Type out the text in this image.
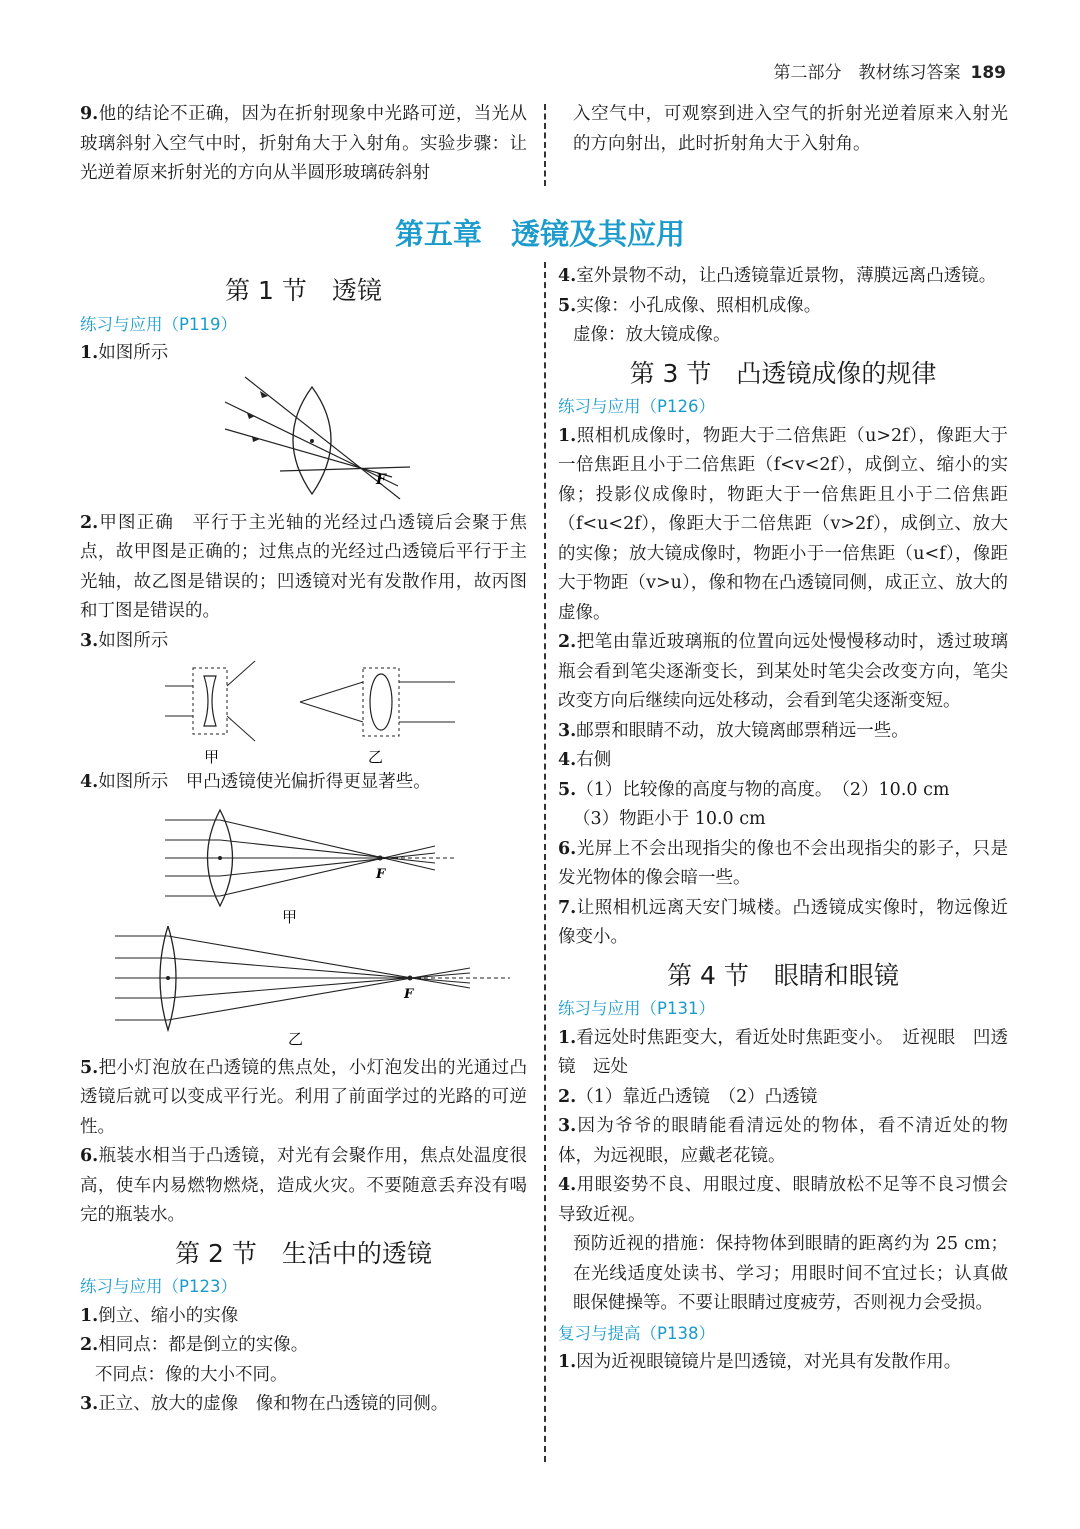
第二部分　教材练习答案 189

9.他的结论不正确，因为在折射现象中光路可逆，当光从玻璃斜射入空气中时，折射角大于入射角。实验步骤：让光逆着原来折射光的方向从半圆形玻璃砖斜射

入空气中，可观察到进入空气的折射光逆着原来入射光的方向射出，此时折射角大于入射角。

第五章　透镜及其应用
第 1 节　透镜
练习与应用（P119）

1.如图所示

F

2.甲图正确　平行于主光轴的光经过凸透镜后会聚于焦点，故甲图是正确的；过焦点的光经过凸透镜后平行于主光轴，故乙图是错误的；凹透镜对光有发散作用，故丙图和丁图是错误的。

3.如图所示

甲	乙

4.如图所示　甲凸透镜使光偏折得更显著些。

F
甲
F
乙

5.把小灯泡放在凸透镜的焦点处，小灯泡发出的光通过凸透镜后就可以变成平行光。利用了前面学过的光路的可逆性。

6.瓶装水相当于凸透镜，对光有会聚作用，焦点处温度很高，使车内易燃物燃烧，造成火灾。不要随意丢弃没有喝完的瓶装水。

第 2 节　生活中的透镜
练习与应用（P123）

1.倒立、缩小的实像

2.相同点：都是倒立的实像。

不同点：像的大小不同。

3.正立、放大的虚像　像和物在凸透镜的同侧。

4.室外景物不动，让凸透镜靠近景物，薄膜远离凸透镜。

5.实像：小孔成像、照相机成像。

虚像：放大镜成像。

第 3 节　凸透镜成像的规律
练习与应用（P126）

1.照相机成像时，物距大于二倍焦距（u>2f），像距大于一倍焦距且小于二倍焦距（f<v<2f），成倒立、缩小的实像；投影仪成像时，物距大于一倍焦距且小于二倍焦距（f<u<2f），像距大于二倍焦距（v>2f），成倒立、放大的实像；放大镜成像时，物距小于一倍焦距（u<f），像距大于物距（v>u），像和物在凸透镜同侧，成正立、放大的虚像。

2.把笔由靠近玻璃瓶的位置向远处慢慢移动时，透过玻璃瓶会看到笔尖逐渐变长，到某处时笔尖会改变方向，笔尖改变方向后继续向远处移动，会看到笔尖逐渐变短。

3.邮票和眼睛不动，放大镜离邮票稍远一些。

4.右侧

5.（1）比较像的高度与物的高度。　（2）10.0 cm

（3）物距小于 10.0 cm

6.光屏上不会出现指尖的像也不会出现指尖的影子，只是发光物体的像会暗一些。

7.让照相机远离天安门城楼。凸透镜成实像时，物远像近像变小。

第 4 节　眼睛和眼镜
练习与应用（P131）

1.看远处时焦距变大，看近处时焦距变小。　近视眼　凹透镜　远处

2.（1）靠近凸透镜　（2）凸透镜

3.因为爷爷的眼睛能看清远处的物体，看不清近处的物体，为远视眼，应戴老花镜。

4.用眼姿势不良、用眼过度、眼睛放松不足等不良习惯会导致近视。

预防近视的措施：保持物体到眼睛的距离约为 25 cm；在光线适度处读书、学习；用眼时间不宜过长；认真做眼保健操等。不要让眼睛过度疲劳，否则视力会受损。

复习与提高（P138）

1.因为近视眼镜镜片是凹透镜，对光具有发散作用。
